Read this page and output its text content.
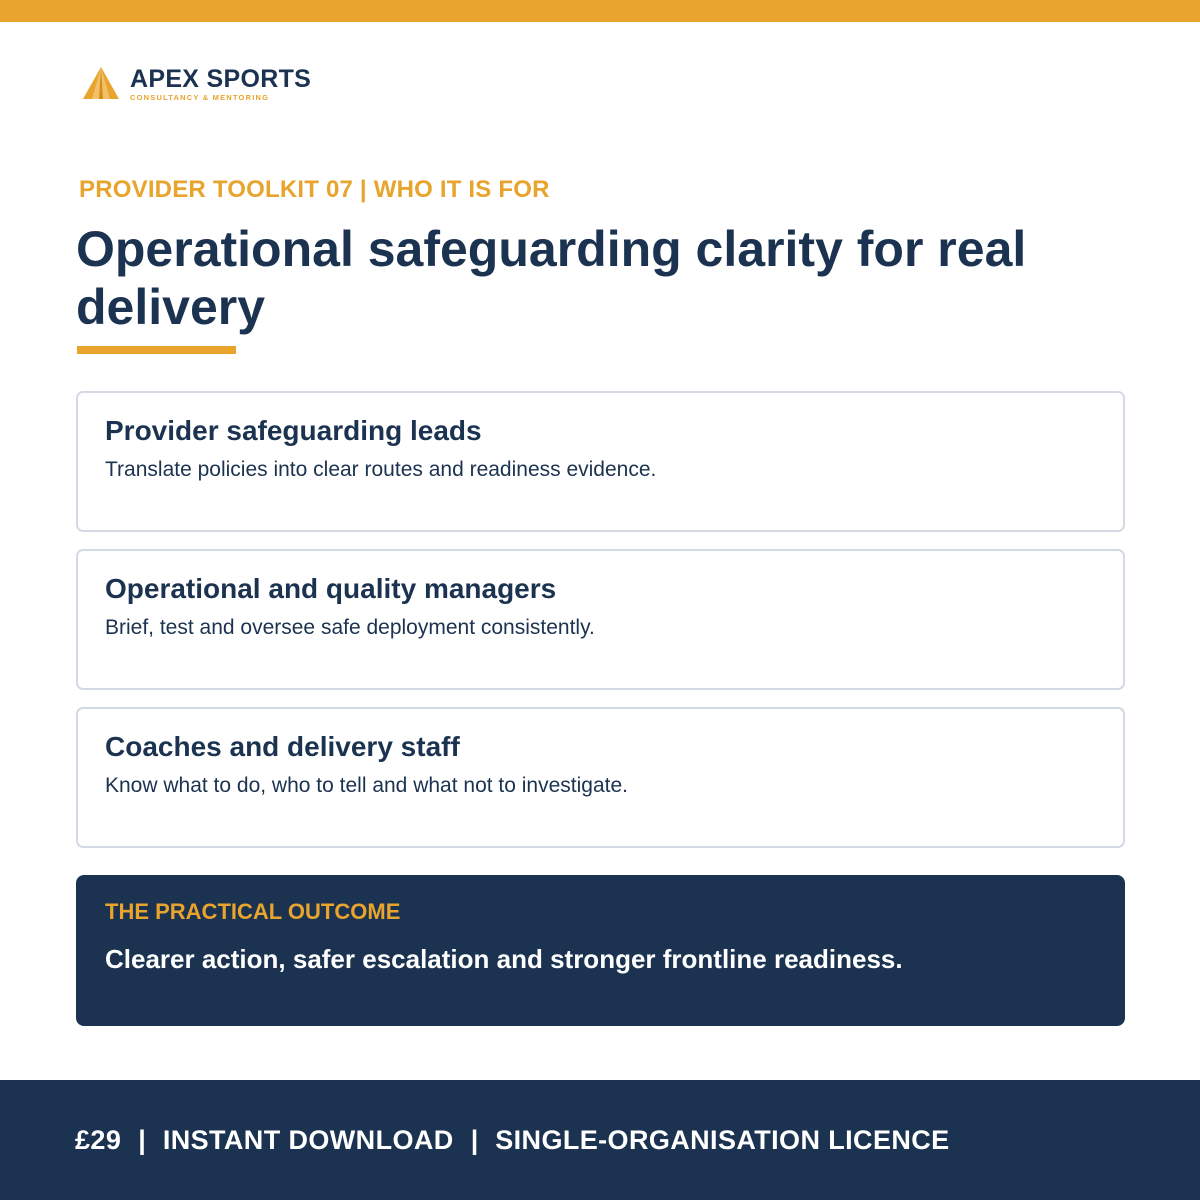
APEX SPORTS
CONSULTANCY & MENTORING
PROVIDER TOOLKIT 07 | WHO IT IS FOR
Operational safeguarding clarity for real delivery
Provider safeguarding leads
Translate policies into clear routes and readiness evidence.
Operational and quality managers
Brief, test and oversee safe deployment consistently.
Coaches and delivery staff
Know what to do, who to tell and what not to investigate.
THE PRACTICAL OUTCOME
Clearer action, safer escalation and stronger frontline readiness.
£29 | INSTANT DOWNLOAD | SINGLE-ORGANISATION LICENCE
